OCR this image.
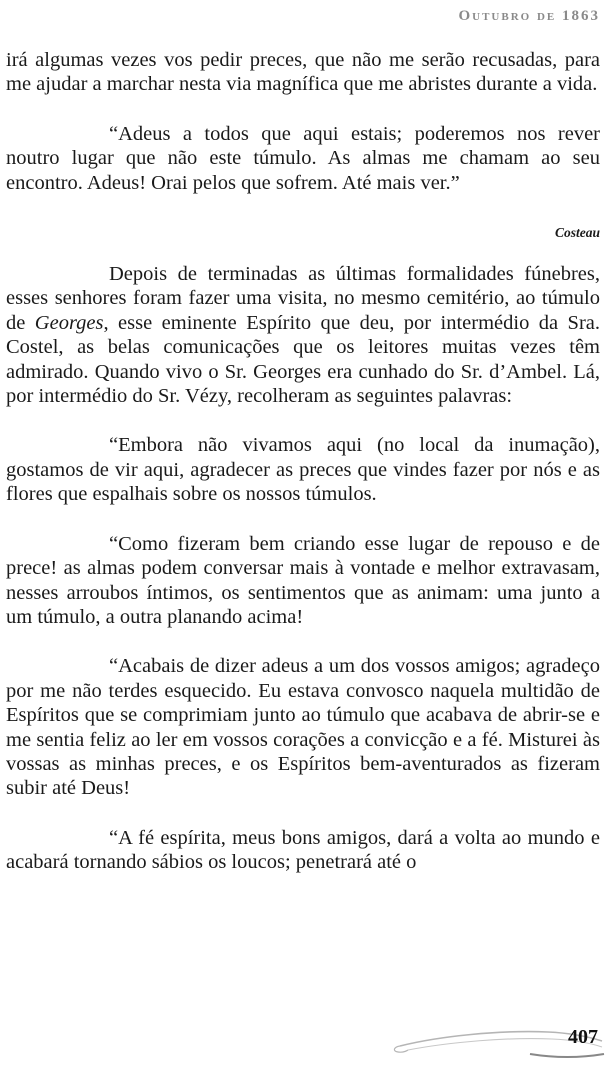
Outubro de 1863

irá algumas vezes vos pedir preces, que não me serão recusadas, para me ajudar a marchar nesta via magnífica que me abristes durante a vida.

“Adeus a todos que aqui estais; poderemos nos rever noutro lugar que não este túmulo. As almas me chamam ao seu encontro. Adeus! Orai pelos que sofrem. Até mais ver.”

Costeau

Depois de terminadas as últimas formalidades fúnebres, esses senhores foram fazer uma visita, no mesmo cemitério, ao túmulo de Georges, esse eminente Espírito que deu, por intermédio da Sra. Costel, as belas comunicações que os leitores muitas vezes têm admirado. Quando vivo o Sr. Georges era cunhado do Sr. d’Ambel. Lá, por intermédio do Sr. Vézy, recolheram as seguintes palavras:

“Embora não vivamos aqui (no local da inumação), gostamos de vir aqui, agradecer as preces que vindes fazer por nós e as flores que espalhais sobre os nossos túmulos.

“Como fizeram bem criando esse lugar de repouso e de prece! as almas podem conversar mais à vontade e melhor extravasam, nesses arroubos íntimos, os sentimentos que as animam: uma junto a um túmulo, a outra planando acima!

“Acabais de dizer adeus a um dos vossos amigos; agradeço por me não terdes esquecido. Eu estava convosco naquela multidão de Espíritos que se comprimiam junto ao túmulo que acabava de abrir-se e me sentia feliz ao ler em vossos corações a convicção e a fé. Misturei às vossas as minhas preces, e os Espíritos bem-aventurados as fizeram subir até Deus!

“A fé espírita, meus bons amigos, dará a volta ao mundo e acabará tornando sábios os loucos; penetrará até o

407
